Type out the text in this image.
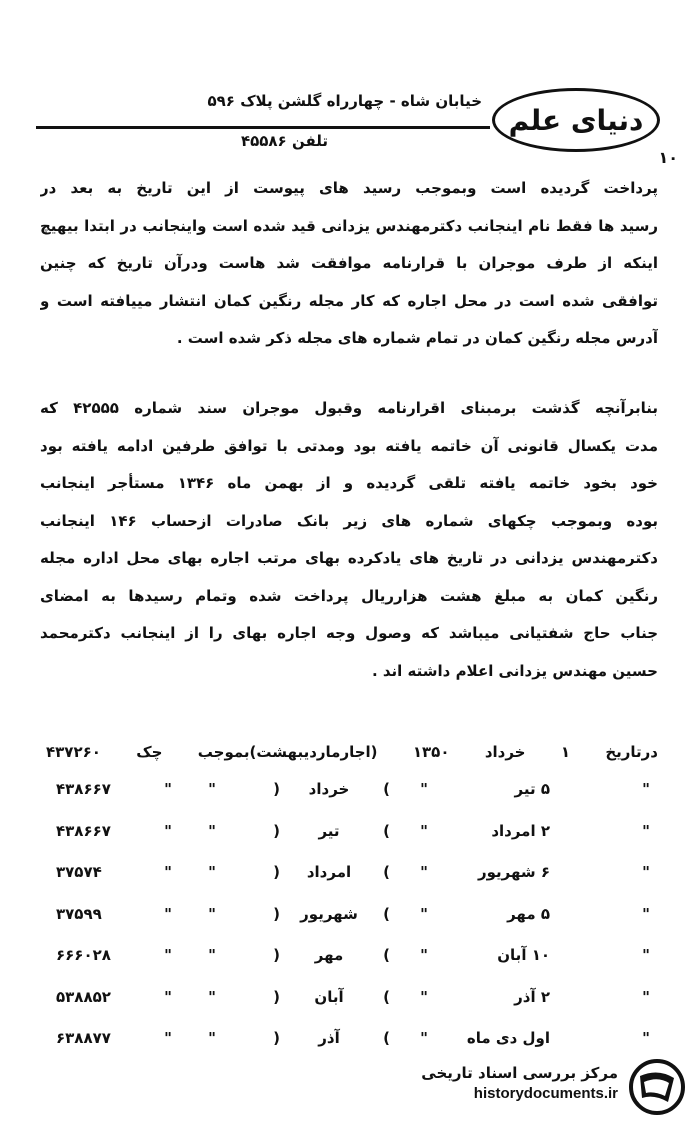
دنیای علم
خیابان شاه - چهارراه گلشن پلاک ۵۹۶
تلفن ۴۵۵۸۶
۱۰
پرداخت گردیده است وبموجب رسید های پیوست از این تاریخ به بعد در
رسید ها فقط نام اینجانب دکترمهندس یزدانی قید شده است واینجانب در ابتدا بیهیچ
اینکه از طرف موجران با قرارنامه موافقت شد هاست ودرآن تاریخ که چنین
توافقی شده است در محل اجاره که کار مجله رنگین کمان انتشار مییافته است و
آدرس مجله رنگین کمان در تمام شماره های مجله ذکر شده است .
بنابرآنچه گذشت برمبنای اقرارنامه وقبول موجران سند شماره ۴۲۵۵۵ که
مدت یکسال قانونی آن خاتمه یافته بود ومدتی با توافق طرفین ادامه یافته بود
خود بخود خاتمه یافته تلقی گردیده و از بهمن ماه ۱۳۴۶ مستأجر اینجانب
بوده وبموجب چکهای شماره های زیر بانک صادرات ازحساب ۱۴۶ اینجانب
دکترمهندس یزدانی در تاریخ های یادکرده بهای مرتب اجاره بهای محل اداره مجله
رنگین کمان به مبلغ هشت هزارریال پرداخت شده وتمام رسیدها به امضای
جناب حاج شفتیانی میباشد که وصول وجه اجاره بهای را از اینجانب دکترمحمد
حسین مهندس یزدانی اعلام داشته اند .
درتاریخ ۱ خرداد ۱۳۵۰ (اجارماردیبهشت)بموجب چک ۴۳۷۲۶۰
"
۵ تیر
"
(
خرداد
)
"
"
۴۳۸۶۶۷
"
۲ امرداد
"
(
تیر
)
"
"
۴۳۸۶۶۷
"
۶ شهریور
"
(
امرداد
)
"
"
۳۷۵۷۴
"
۵ مهر
"
(
شهریور
)
"
"
۳۷۵۹۹
"
۱۰ آبان
"
(
مهر
)
"
"
۶۶۶۰۲۸
"
۲ آذر
"
(
آبان
)
"
"
۵۳۸۸۵۲
"
اول دی ماه
"
(
آذر
)
"
"
۶۳۸۸۷۷
مرکز بررسی اسناد تاریخی
historydocuments.ir
